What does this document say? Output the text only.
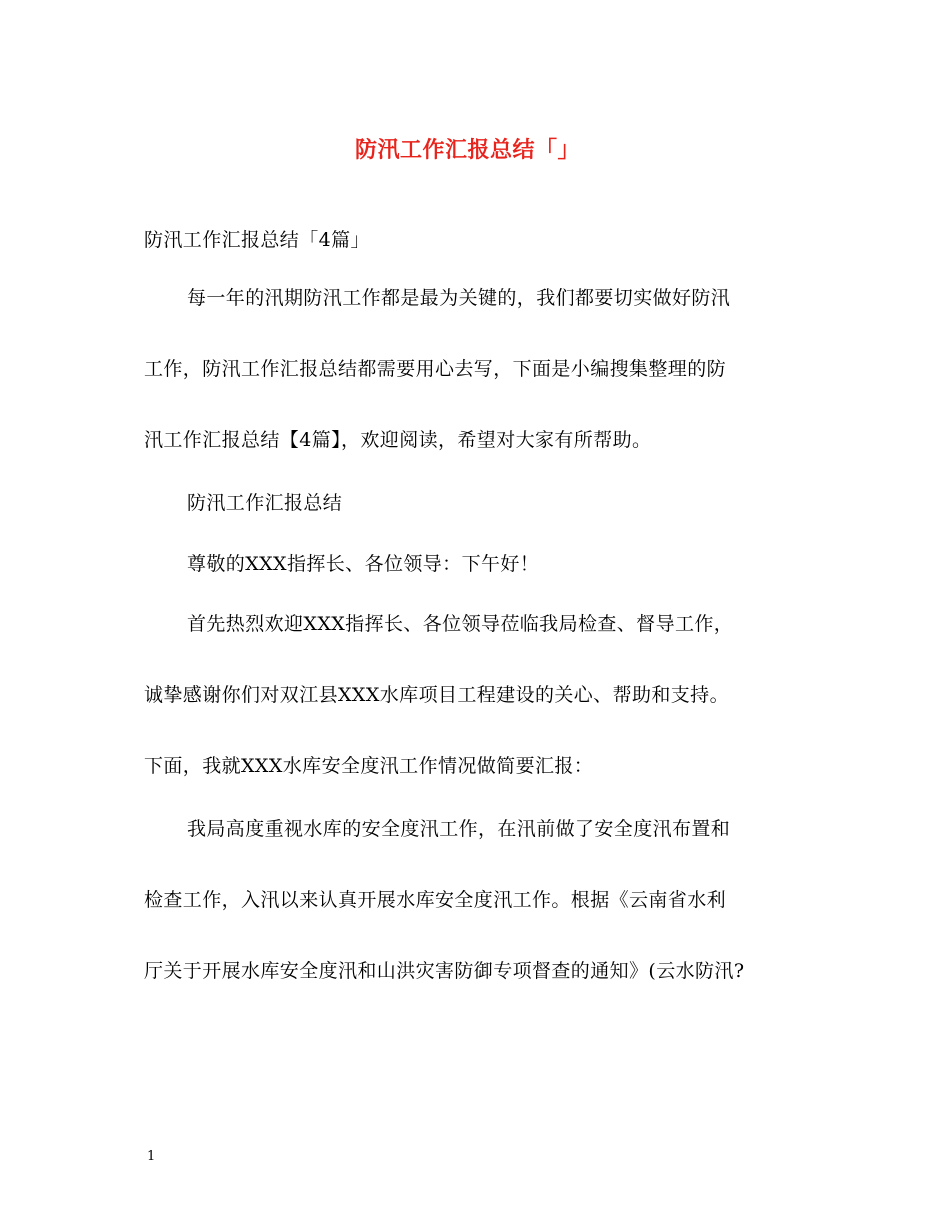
防汛工作汇报总结「」
防汛工作汇报总结「4篇」
每一年的汛期防汛工作都是最为关键的，我们都要切实做好防汛
工作，防汛工作汇报总结都需要用心去写，下面是小编搜集整理的防
汛工作汇报总结【4篇】，欢迎阅读，希望对大家有所帮助。
防汛工作汇报总结
尊敬的XXX指挥长、各位领导：下午好！
首先热烈欢迎XXX指挥长、各位领导莅临我局检查、督导工作，
诚挚感谢你们对双江县XXX水库项目工程建设的关心、帮助和支持。
下面，我就XXX水库安全度汛工作情况做简要汇报：
我局高度重视水库的安全度汛工作，在汛前做了安全度汛布置和
检查工作，入汛以来认真开展水库安全度汛工作。根据《云南省水利
厅关于开展水库安全度汛和山洪灾害防御专项督查的通知》(云水防汛?
1
